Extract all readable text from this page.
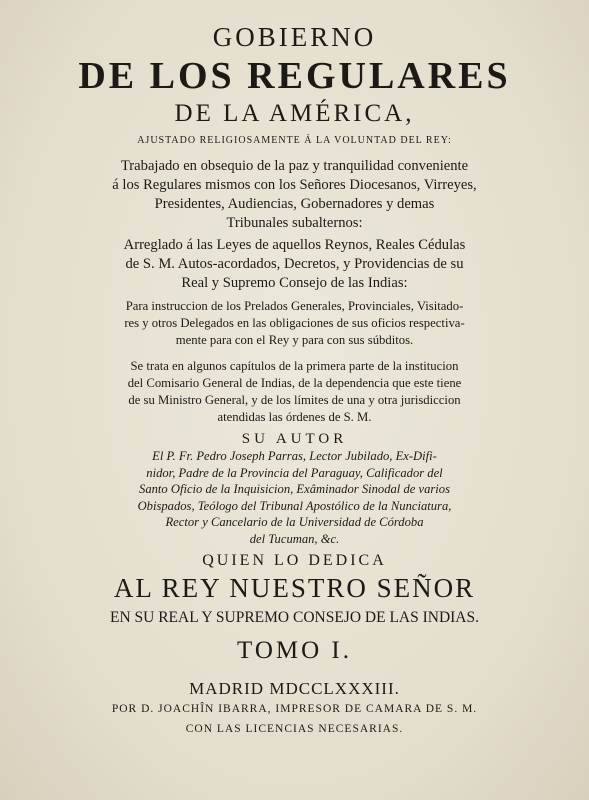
GOBIERNO
DE LOS REGULARES
DE LA AMÉRICA,
AJUSTADO RELIGIOSAMENTE Á LA VOLUNTAD DEL REY:
Trabajado en obsequio de la paz y tranquilidad conveniente
á los Regulares mismos con los Señores Diocesanos, Virreyes,
Presidentes, Audiencias, Gobernadores y demas
Tribunales subalternos:
Arreglado á las Leyes de aquellos Reynos, Reales Cédulas
de S. M. Autos-acordados, Decretos, y Providencias de su
Real y Supremo Consejo de las Indias:
Para instruccion de los Prelados Generales, Provinciales, Visitado-
res y otros Delegados en las obligaciones de sus oficios respectiva-
mente para con el Rey y para con sus súbditos.
Se trata en algunos capítulos de la primera parte de la institucion
del Comisario General de Indias, de la dependencia que este tiene
de su Ministro General, y de los límites de una y otra jurisdiccion
atendidas las órdenes de S. M.
SU AUTOR
El P. Fr. Pedro Joseph Parras, Lector Jubilado, Ex-Difi-
nidor, Padre de la Provincia del Paraguay, Calificador del
Santo Oficio de la Inquisicion, Exâminador Sinodal de varios
Obispados, Teólogo del Tribunal Apostólico de la Nunciatura,
Rector y Cancelario de la Universidad de Córdoba
del Tucuman, &c.
QUIEN LO DEDICA
AL REY NUESTRO SEÑOR
EN SU REAL Y SUPREMO CONSEJO DE LAS INDIAS.
TOMO I.
MADRID MDCCLXXXIII.
POR D. JOACHÎN IBARRA, IMPRESOR DE CAMARA DE S. M.
CON LAS LICENCIAS NECESARIAS.
